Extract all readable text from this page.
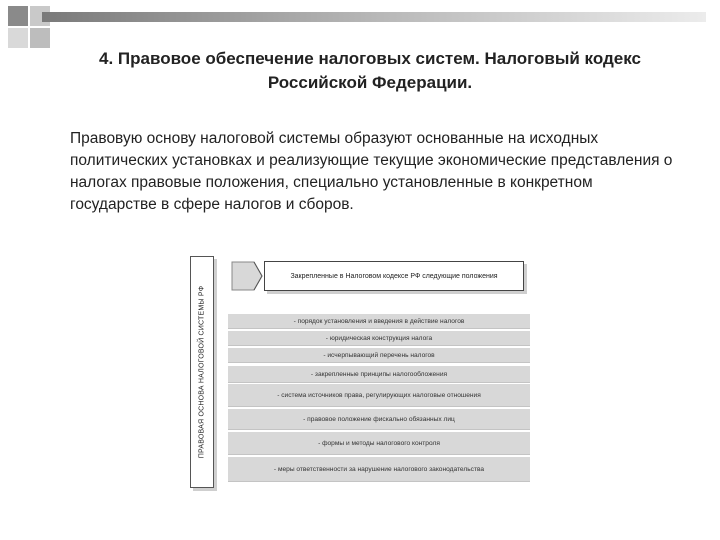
4. Правовое обеспечение налоговых систем. Налоговый кодекс Российской Федерации.
Правовую основу налоговой системы образуют основанные на исходных политических установках и реализующие текущие экономические представления о налогах правовые положения, специально установленные в конкретном государстве в сфере налогов и сборов.
ПРАВОВАЯ ОСНОВА НАЛОГОВОЙ СИСТЕМЫ РФ
Закрепленные в Налоговом кодексе РФ следующие положения
- порядок установления и введения в действие налогов
- юридическая конструкция налога
- исчерпывающий перечень налогов
- закрепленные принципы налогообложения
- система источников права, регулирующих налоговые отношения
- правовое положение фискально обязанных лиц
- формы и методы налогового контроля
- меры ответственности за нарушение налогового законодательства
